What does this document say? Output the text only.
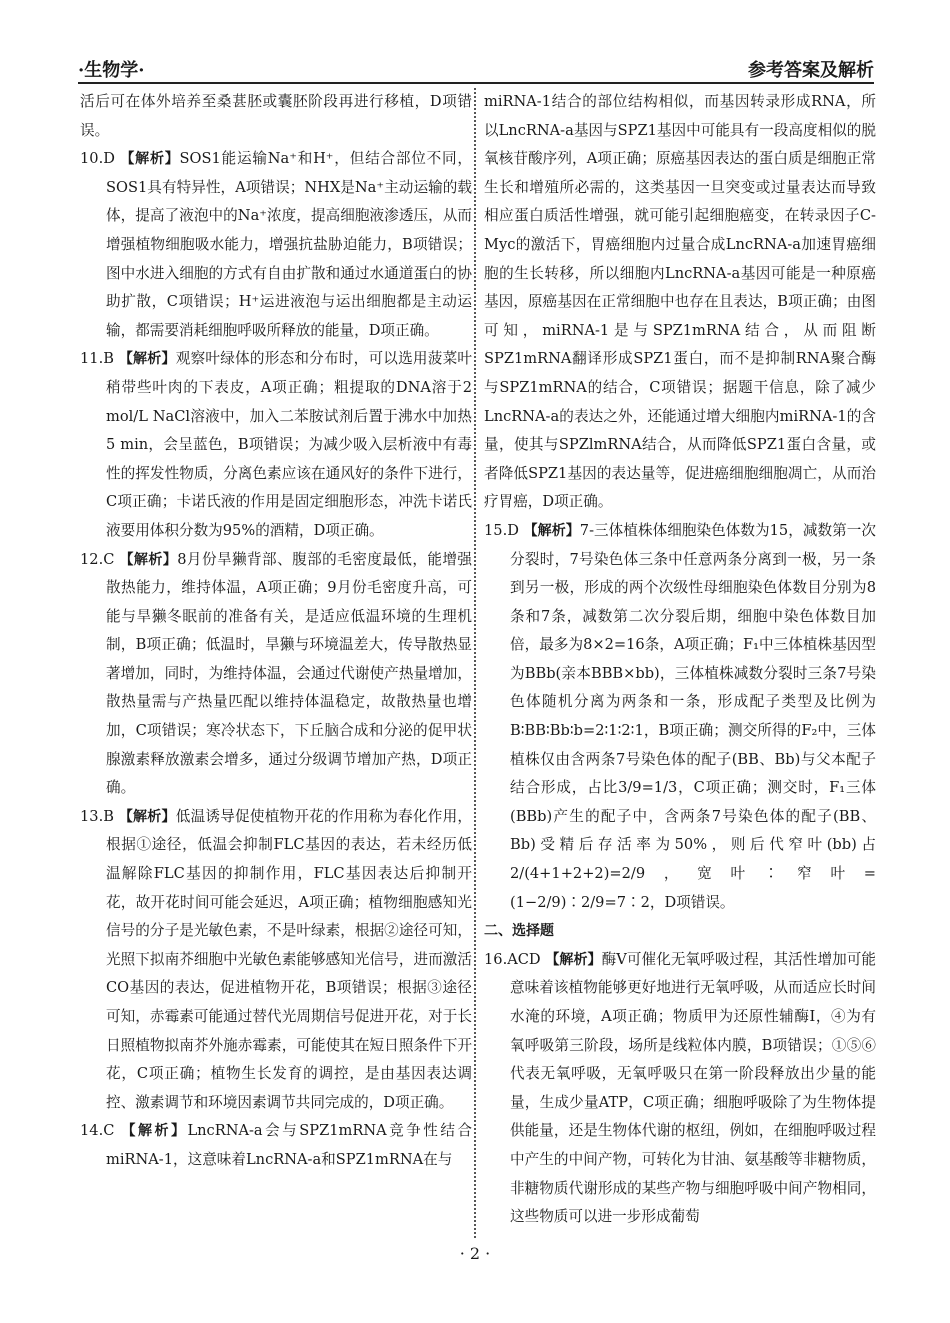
·生物学·	参考答案及解析

活后可在体外培养至桑葚胚或囊胚阶段再进行移植，D项错误。

10.D 【解析】SOS1能运输Na⁺和H⁺，但结合部位不同，SOS1具有特异性，A项错误；NHX是Na⁺主动运输的载体，提高了液泡中的Na⁺浓度，提高细胞液渗透压，从而增强植物细胞吸水能力，增强抗盐胁迫能力，B项错误；图中水进入细胞的方式有自由扩散和通过水通道蛋白的协助扩散，C项错误；H⁺运进液泡与运出细胞都是主动运输，都需要消耗细胞呼吸所释放的能量，D项正确。

11.B 【解析】观察叶绿体的形态和分布时，可以选用菠菜叶稍带些叶肉的下表皮，A项正确；粗提取的DNA溶于2 mol/L NaCl溶液中，加入二苯胺试剂后置于沸水中加热5 min，会呈蓝色，B项错误；为减少吸入层析液中有毒性的挥发性物质，分离色素应该在通风好的条件下进行，C项正确；卡诺氏液的作用是固定细胞形态，冲洗卡诺氏液要用体积分数为95%的酒精，D项正确。

12.C 【解析】8月份旱獭背部、腹部的毛密度最低，能增强散热能力，维持体温，A项正确；9月份毛密度升高，可能与旱獭冬眠前的准备有关，是适应低温环境的生理机制，B项正确；低温时，旱獭与环境温差大，传导散热显著增加，同时，为维持体温，会通过代谢使产热量增加，散热量需与产热量匹配以维持体温稳定，故散热量也增加，C项错误；寒冷状态下，下丘脑合成和分泌的促甲状腺激素释放激素会增多，通过分级调节增加产热，D项正确。

13.B 【解析】低温诱导促使植物开花的作用称为春化作用，根据①途径，低温会抑制FLC基因的表达，若未经历低温解除FLC基因的抑制作用，FLC基因表达后抑制开花，故开花时间可能会延迟，A项正确；植物细胞感知光信号的分子是光敏色素，不是叶绿素，根据②途径可知，光照下拟南芥细胞中光敏色素能够感知光信号，进而激活CO基因的表达，促进植物开花，B项错误；根据③途径可知，赤霉素可能通过替代光周期信号促进开花，对于长日照植物拟南芥外施赤霉素，可能使其在短日照条件下开花，C项正确；植物生长发育的调控，是由基因表达调控、激素调节和环境因素调节共同完成的，D项正确。

14.C 【解析】LncRNA-a会与SPZ1mRNA竞争性结合miRNA-1，这意味着LncRNA-a和SPZ1mRNA在与

miRNA-1结合的部位结构相似，而基因转录形成RNA，所以LncRNA-a基因与SPZ1基因中可能具有一段高度相似的脱氧核苷酸序列，A项正确；原癌基因表达的蛋白质是细胞正常生长和增殖所必需的，这类基因一旦突变或过量表达而导致相应蛋白质活性增强，就可能引起细胞癌变，在转录因子C-Myc的激活下，胃癌细胞内过量合成LncRNA-a加速胃癌细胞的生长转移，所以细胞内LncRNA-a基因可能是一种原癌基因，原癌基因在正常细胞中也存在且表达，B项正确；由图可知，miRNA-1是与SPZ1mRNA结合，从而阻断SPZ1mRNA翻译形成SPZ1蛋白，而不是抑制RNA聚合酶与SPZ1mRNA的结合，C项错误；据题干信息，除了减少LncRNA-a的表达之外，还能通过增大细胞内miRNA-1的含量，使其与SPZlmRNA结合，从而降低SPZ1蛋白含量，或者降低SPZ1基因的表达量等，促进癌细胞细胞凋亡，从而治疗胃癌，D项正确。

15.D 【解析】7-三体植株体细胞染色体数为15，减数第一次分裂时，7号染色体三条中任意两条分离到一极，另一条到另一极，形成的两个次级性母细胞染色体数目分别为8条和7条，减数第二次分裂后期，细胞中染色体数目加倍，最多为8×2=16条，A项正确；F₁中三体植株基因型为BBb(亲本BBB×bb)，三体植株减数分裂时三条7号染色体随机分离为两条和一条，形成配子类型及比例为B∶BB∶Bb∶b=2∶1∶2∶1，B项正确；测交所得的F₂中，三体植株仅由含两条7号染色体的配子(BB、Bb)与父本配子结合形成，占比3/9=1/3，C项正确；测交时，F₁三体(BBb)产生的配子中，含两条7号染色体的配子(BB、Bb)受精后存活率为50%，则后代窄叶(bb)占2/(4+1+2+2)=2/9，宽叶∶窄叶=(1−2/9)∶2/9=7∶2，D项错误。

二、选择题

16.ACD 【解析】酶Ⅴ可催化无氧呼吸过程，其活性增加可能意味着该植物能够更好地进行无氧呼吸，从而适应长时间水淹的环境，A项正确；物质甲为还原性辅酶Ⅰ，④为有氧呼吸第三阶段，场所是线粒体内膜，B项错误；①⑤⑥代表无氧呼吸，无氧呼吸只在第一阶段释放出少量的能量，生成少量ATP，C项正确；细胞呼吸除了为生物体提供能量，还是生物体代谢的枢纽，例如，在细胞呼吸过程中产生的中间产物，可转化为甘油、氨基酸等非糖物质，非糖物质代谢形成的某些产物与细胞呼吸中间产物相同，这些物质可以进一步形成葡萄

· 2 ·
